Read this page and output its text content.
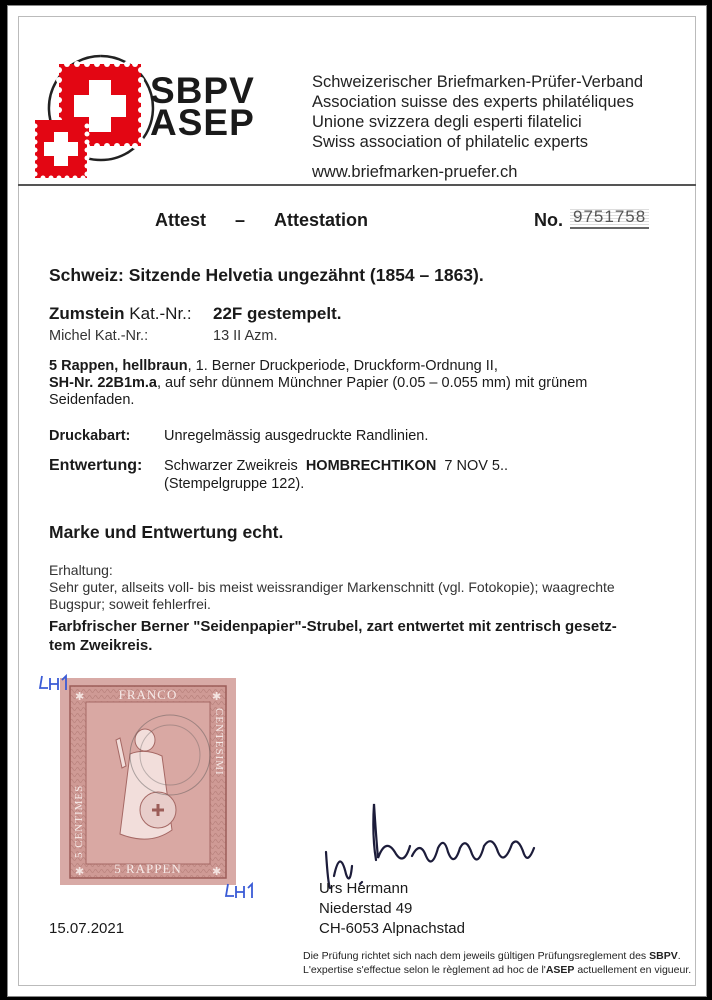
SBPV
ASEP
Schweizerischer Briefmarken-Prüfer-Verband
Association suisse des experts philatéliques
Unione svizzera degli esperti filatelici
Swiss association of philatelic experts
www.briefmarken-pruefer.ch
Attest – Attestation	No. 9751758
Schweiz: Sitzende Helvetia ungezähnt (1854 – 1863).
Zumstein Kat.-Nr.: 22F gestempelt.
Michel Kat.-Nr.:	13 II Azm.
5 Rappen, hellbraun, 1. Berner Druckperiode, Druckform-Ordnung II,
SH-Nr. 22B1m.a, auf sehr dünnem Münchner Papier (0.05 – 0.055 mm) mit grünem
Seidenfaden.
Druckabart: Unregelmässig ausgedruckte Randlinien.
Entwertung: Schwarzer Zweikreis HOMBRECHTIKON 7 NOV 5..
(Stempelgruppe 122).
Marke und Entwertung echt.
Erhaltung:
Sehr guter, allseits voll- bis meist weissrandiger Markenschnitt (vgl. Fotokopie); waagrechte
Bugspur; soweit fehlerfrei.
Farbfrischer Berner "Seidenpapier"-Strubel, zart entwertet mit zentrisch gesetz-
tem Zweikreis.
✱	✱
✱	✱
FRANCO
5 RAPPEN
5 CENTIMES
CENTESIMI
Urs Hermann
Niederstad 49
CH-6053 Alpnachstad
15.07.2021
Die Prüfung richtet sich nach dem jeweils gültigen Prüfungsreglement des SBPV.
L'expertise s'effectue selon le règlement ad hoc de l'ASEP actuellement en vigueur.
